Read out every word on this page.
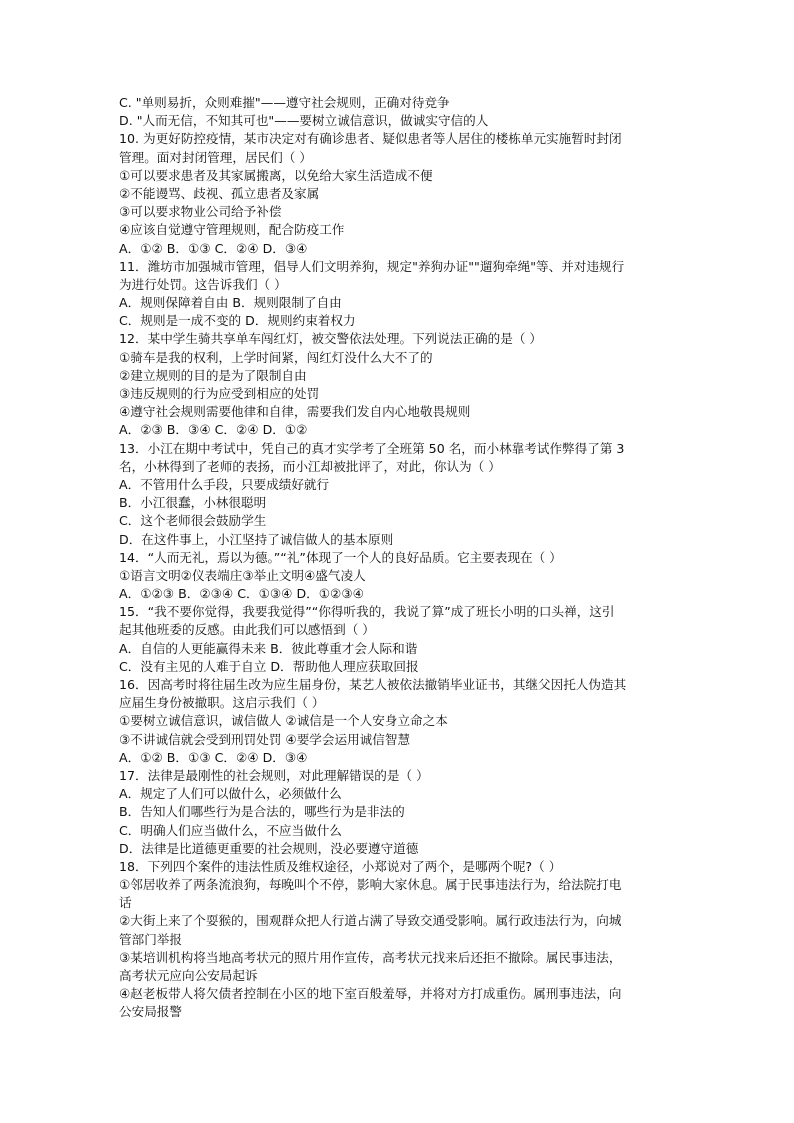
C. "单则易折，众则难摧"——遵守社会规则，正确对待竞争
D. "人而无信，不知其可也"——要树立诚信意识，做诚实守信的人
10. 为更好防控疫情，某市决定对有确诊患者、疑似患者等人居住的楼栋单元实施暂时封闭
管理。面对封闭管理，居民们（ ）
①可以要求患者及其家属搬离，以免给大家生活造成不便
②不能谩骂、歧视、孤立患者及家属
③可以要求物业公司给予补偿
④应该自觉遵守管理规则，配合防疫工作
A．①② B．①③ C．②④ D．③④
11．潍坊市加强城市管理，倡导人们文明养狗，规定"养狗办证""遛狗牵绳"等、并对违规行
为进行处罚。这告诉我们（ ）
A．规则保障着自由 B．规则限制了自由
C．规则是一成不变的 D．规则约束着权力
12．某中学生骑共享单车闯红灯，被交警依法处理。下列说法正确的是（ ）
①骑车是我的权利，上学时间紧，闯红灯没什么大不了的
②建立规则的目的是为了限制自由
③违反规则的行为应受到相应的处罚
④遵守社会规则需要他律和自律，需要我们发自内心地敬畏规则
A．②③ B．③④ C．②④ D．①②
13．小江在期中考试中，凭自己的真才实学考了全班第 50 名，而小林靠考试作弊得了第 3
名，小林得到了老师的表扬，而小江却被批评了，对此，你认为（ ）
A．不管用什么手段，只要成绩好就行
B．小江很蠢，小林很聪明
C．这个老师很会鼓励学生
D．在这件事上，小江坚持了诚信做人的基本原则
14．“人而无礼，焉以为德。”“礼”体现了一个人的良好品质。它主要表现在（ ）
①语言文明②仪表端庄③举止文明④盛气凌人
A．①②③ B．②③④ C．①③④ D．①②③④
15．“我不要你觉得，我要我觉得”“你得听我的，我说了算”成了班长小明的口头禅，这引
起其他班委的反感。由此我们可以感悟到（ ）
A．自信的人更能赢得未来 B．彼此尊重才会人际和谐
C．没有主见的人难于自立 D．帮助他人理应获取回报
16．因高考时将往届生改为应生届身份，某艺人被依法撤销毕业证书，其继父因托人伪造其
应届生身份被撤职。这启示我们（ ）
①要树立诚信意识，诚信做人 ②诚信是一个人安身立命之本
③不讲诚信就会受到刑罚处罚 ④要学会运用诚信智慧
A．①② B．①③ C．②④ D．③④
17．法律是最刚性的社会规则，对此理解错误的是（ ）
A．规定了人们可以做什么，必须做什么
B．告知人们哪些行为是合法的，哪些行为是非法的
C．明确人们应当做什么，不应当做什么
D．法律是比道德更重要的社会规则，没必要遵守道德
18．下列四个案件的违法性质及维权途径，小郑说对了两个，是哪两个呢?（ ）
①邻居收养了两条流浪狗，每晚叫个不停，影响大家休息。属于民事违法行为，给法院打电
话
②大街上来了个耍猴的，围观群众把人行道占满了导致交通受影响。属行政违法行为，向城
管部门举报
③某培训机构将当地高考状元的照片用作宣传，高考状元找来后还拒不撤除。属民事违法，
高考状元应向公安局起诉
④赵老板带人将欠债者控制在小区的地下室百般羞辱，并将对方打成重伤。属刑事违法，向
公安局报警
